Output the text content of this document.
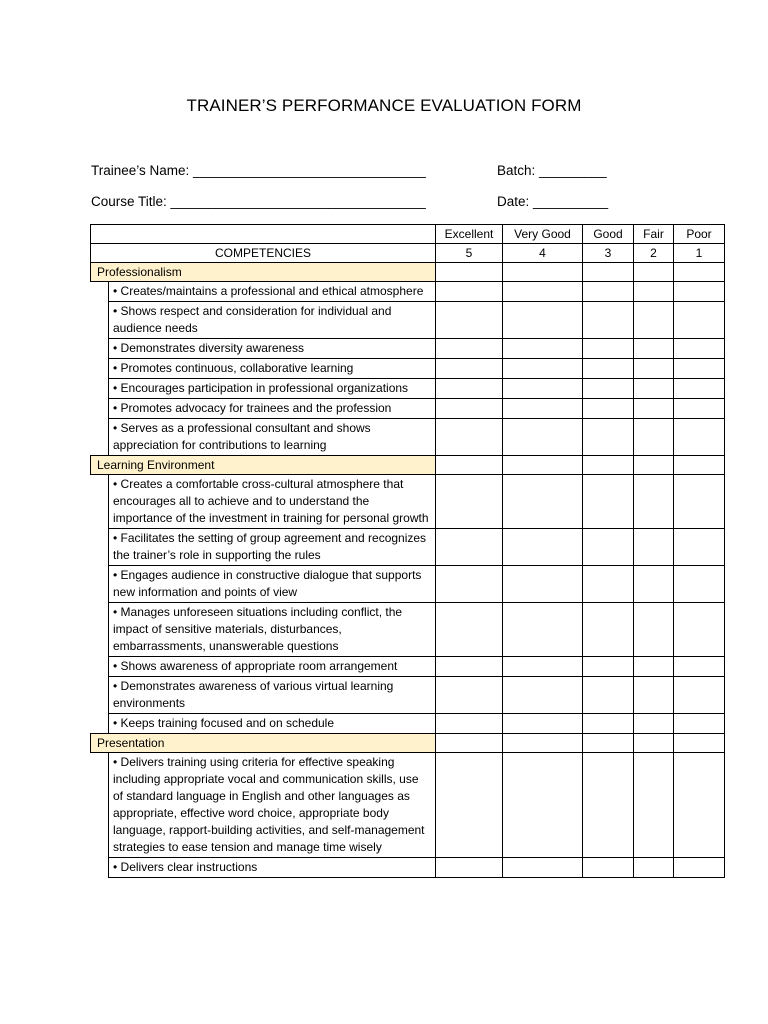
TRAINER’S PERFORMANCE EVALUATION FORM
Trainee’s Name: _______________________________	Batch: _________
Course Title: __________________________________	Date: __________
		Excellent	Very Good	Good	Fair	Poor
COMPETENCIES		5	4	3	2	1
Professionalism						
	• Creates/maintains a professional and ethical atmosphere					
	• Shows respect and consideration for individual and audience needs					
	• Demonstrates diversity awareness					
	• Promotes continuous, collaborative learning					
	• Encourages participation in professional organizations					
	• Promotes advocacy for trainees and the profession					
	• Serves as a professional consultant and shows appreciation for contributions to learning					
Learning Environment						
	• Creates a comfortable cross-cultural atmosphere that encourages all to achieve and to understand the importance of the investment in training for personal growth					
	• Facilitates the setting of group agreement and recognizes the trainer’s role in supporting the rules					
	• Engages audience in constructive dialogue that supports new information and points of view					
	• Manages unforeseen situations including conflict, the impact of sensitive materials, disturbances, embarrassments, unanswerable questions					
	• Shows awareness of appropriate room arrangement					
	• Demonstrates awareness of various virtual learning environments					
	• Keeps training focused and on schedule					
Presentation						
	• Delivers training using criteria for effective speaking including appropriate vocal and communication skills, use of standard language in English and other languages as appropriate, effective word choice, appropriate body language, rapport-building activities, and self-management strategies to ease tension and manage time wisely					
	• Delivers clear instructions					
